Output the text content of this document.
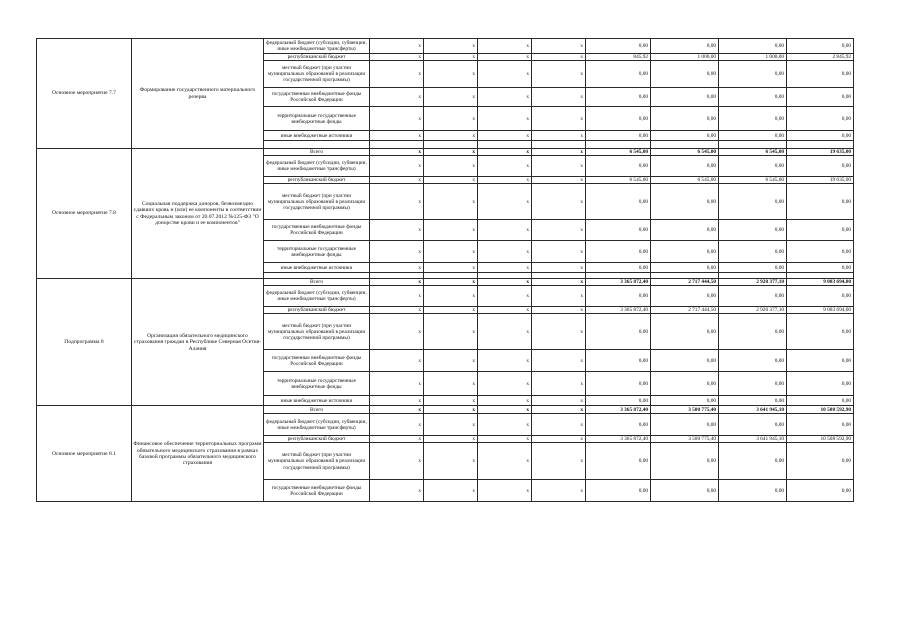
Основное мероприятие 7.7	Формирование государственного материального резерва	федеральный бюджет (субсидии, субвенции, иные межбюджетные трансферты)	x	x	x	x	0,00	0,00	0,00	0,00
		республиканский бюджет	x	x	x	x	845,92	1 000,00	1 000,00	2 845,92
		местный бюджет (при участии муниципальных образований в реализации государственной программы)	x	x	x	x	0,00	0,00	0,00	0,00
		государственные внебюджетные фонды Российской Федерации	x	x	x	x	0,00	0,00	0,00	0,00
		территориальные государственные внебюджетные фонды	x	x	x	x	0,00	0,00	0,00	0,00
		иные внебюджетные источники	x	x	x	x	0,00	0,00	0,00	0,00

Основное мероприятие 7.8	Социальная поддержка доноров, безвозмездно сдавших кровь и (или) ее компоненты в соответствии с Федеральным законом от 20.07.2012 №125-ФЗ "О донорстве крови и ее компонентов"	Всего	x	x	x	x	6 545,00	6 545,00	6 545,00	19 635,00
		федеральный бюджет (субсидии, субвенции, иные межбюджетные трансферты)	x	x	x	x	0,00	0,00	0,00	0,00
		республиканский бюджет	x	x	x	x	6 545,00	6 545,00	6 545,00	19 635,00
		местный бюджет (при участии муниципальных образований в реализации государственной программы)	x	x	x	x	0,00	0,00	0,00	0,00
		государственные внебюджетные фонды Российской Федерации	x	x	x	x	0,00	0,00	0,00	0,00
		территориальные государственные внебюджетные фонды	x	x	x	x	0,00	0,00	0,00	0,00
		иные внебюджетные источники	x	x	x	x	0,00	0,00	0,00	0,00

Подпрограмма 8	Организация обязательного медицинского страхования граждан в Республике Северная Осетия-Алания	Всего	x	x	x	x	3 365 872,40	2 717 444,50	2 920 377,10	9 003 694,00
		федеральный бюджет (субсидии, субвенции, иные межбюджетные трансферты)	x	x	x	x	0,00	0,00	0,00	0,00
		республиканский бюджет	x	x	x	x	3 365 872,40	2 717 444,50	2 920 377,10	9 003 694,00
		местный бюджет (при участии муниципальных образований в реализации государственной программы)	x	x	x	x	0,00	0,00	0,00	0,00
		государственные внебюджетные фонды Российской Федерации	x	x	x	x	0,00	0,00	0,00	0,00
		территориальные государственные внебюджетные фонды	x	x	x	x	0,00	0,00	0,00	0,00
		иные внебюджетные источники	x	x	x	x	0,00	0,00	0,00	0,00
Основное мероприятие 8.1	Финансовое обеспечение территориальных программ обязательного медицинского страхования в рамках базовой программы обязательного медицинского страхования	Всего	x	x	x	x	3 365 872,40	3 500 775,40	3 641 945,10	10 508 592,90
		федеральный бюджет (субсидии, субвенции, иные межбюджетные трансферты)	x	x	x	x	0,00	0,00	0,00	0,00
		республиканский бюджет	x	x	x	x	3 365 872,40	3 500 775,40	3 641 945,10	10 508 592,90
		местный бюджет (при участии муниципальных образований в реализации государственной программы)	x	x	x	x	0,00	0,00	0,00	0,00
		государственные внебюджетные фонды Российской Федерации	x	x	x	x	0,00	0,00	0,00	0,00
